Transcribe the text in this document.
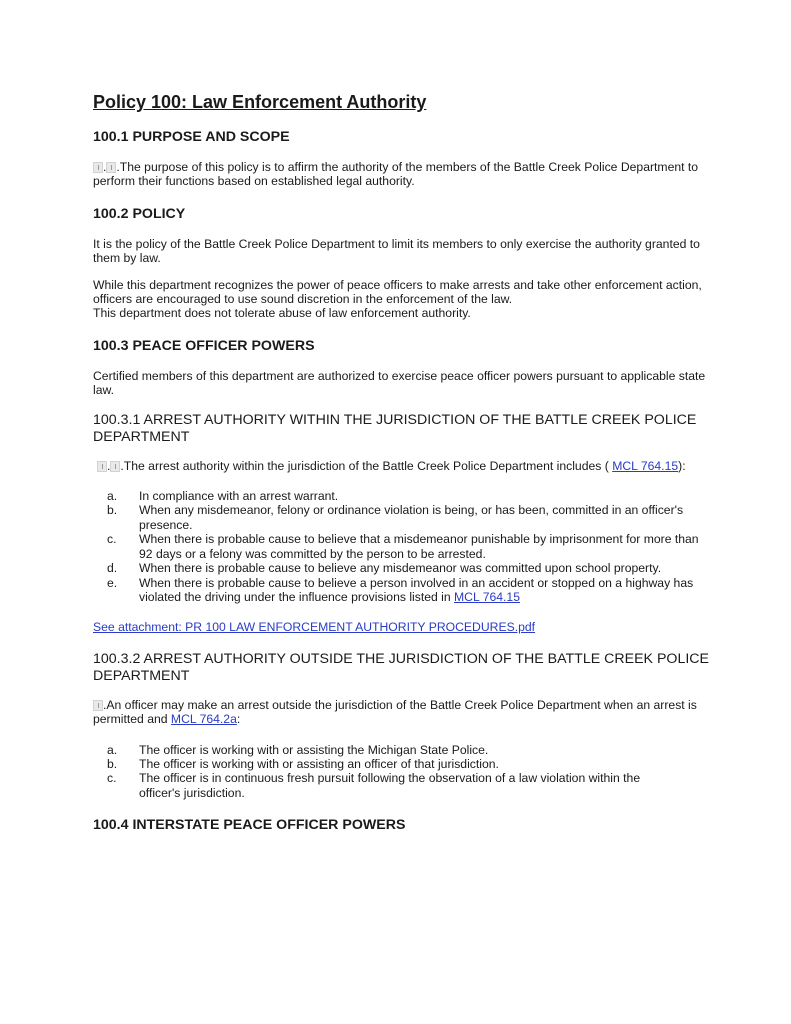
Policy 100: Law Enforcement Authority
100.1 PURPOSE AND SCOPE

. .The purpose of this policy is to affirm the authority of the members of the Battle Creek Police Department to perform their functions based on established legal authority.

100.2 POLICY

It is the policy of the Battle Creek Police Department to limit its members to only exercise the authority granted to them by law.

While this department recognizes the power of peace officers to make arrests and take other enforcement action, officers are encouraged to use sound discretion in the enforcement of the law.
This department does not tolerate abuse of law enforcement authority.

100.3 PEACE OFFICER POWERS

Certified members of this department are authorized to exercise peace officer powers pursuant to applicable state law.

100.3.1 ARREST AUTHORITY WITHIN THE JURISDICTION OF THE BATTLE CREEK POLICE DEPARTMENT

. .The arrest authority within the jurisdiction of the Battle Creek Police Department includes ( MCL 764.15):

a. In compliance with an arrest warrant.
b. When any misdemeanor, felony or ordinance violation is being, or has been, committed in an officer's presence.
c. When there is probable cause to believe that a misdemeanor punishable by imprisonment for more than 92 days or a felony was committed by the person to be arrested.
d. When there is probable cause to believe any misdemeanor was committed upon school property.
e. When there is probable cause to believe a person involved in an accident or stopped on a highway has violated the driving under the influence provisions listed in MCL 764.15

See attachment: PR 100 LAW ENFORCEMENT AUTHORITY PROCEDURES.pdf

100.3.2 ARREST AUTHORITY OUTSIDE THE JURISDICTION OF THE BATTLE CREEK POLICE DEPARTMENT

.An officer may make an arrest outside the jurisdiction of the Battle Creek Police Department when an arrest is permitted and MCL 764.2a:

a. The officer is working with or assisting the Michigan State Police.
b. The officer is working with or assisting an officer of that jurisdiction.
c. The officer is in continuous fresh pursuit following the observation of a law violation within the officer's jurisdiction.
100.4 INTERSTATE PEACE OFFICER POWERS
